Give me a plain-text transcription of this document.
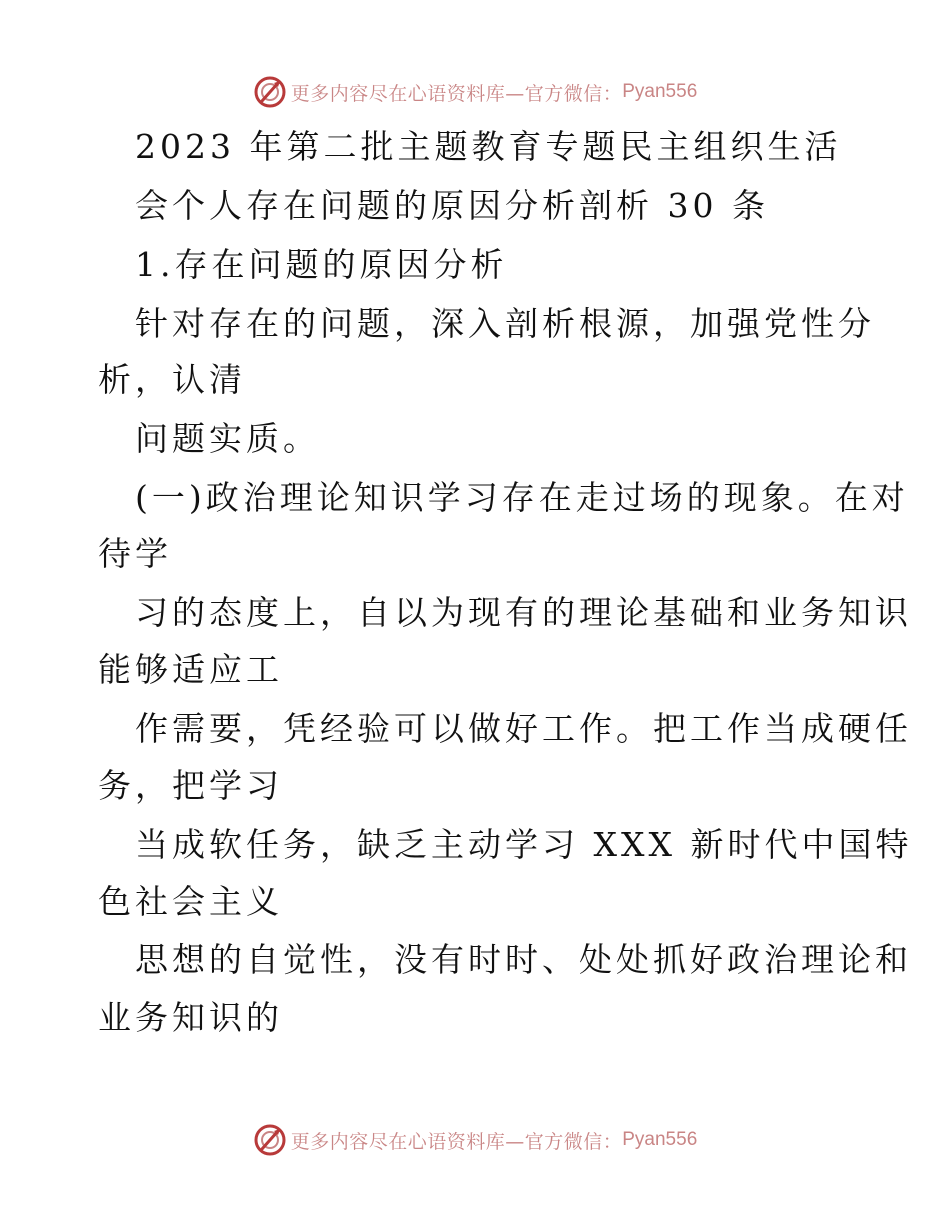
更多内容尽在心语资料库—官方微信： Pyan556
2023 年第二批主题教育专题民主组织生活
会个人存在问题的原因分析剖析 30 条
1.存在问题的原因分析
针对存在的问题，深入剖析根源，加强党性分
析，认清
问题实质。
(一)政治理论知识学习存在走过场的现象。在对
待学
习的态度上，自以为现有的理论基础和业务知识
能够适应工
作需要，凭经验可以做好工作。把工作当成硬任
务，把学习
当成软任务，缺乏主动学习 XXX 新时代中国特
色社会主义
思想的自觉性，没有时时、处处抓好政治理论和
业务知识的
更多内容尽在心语资料库—官方微信： Pyan556
